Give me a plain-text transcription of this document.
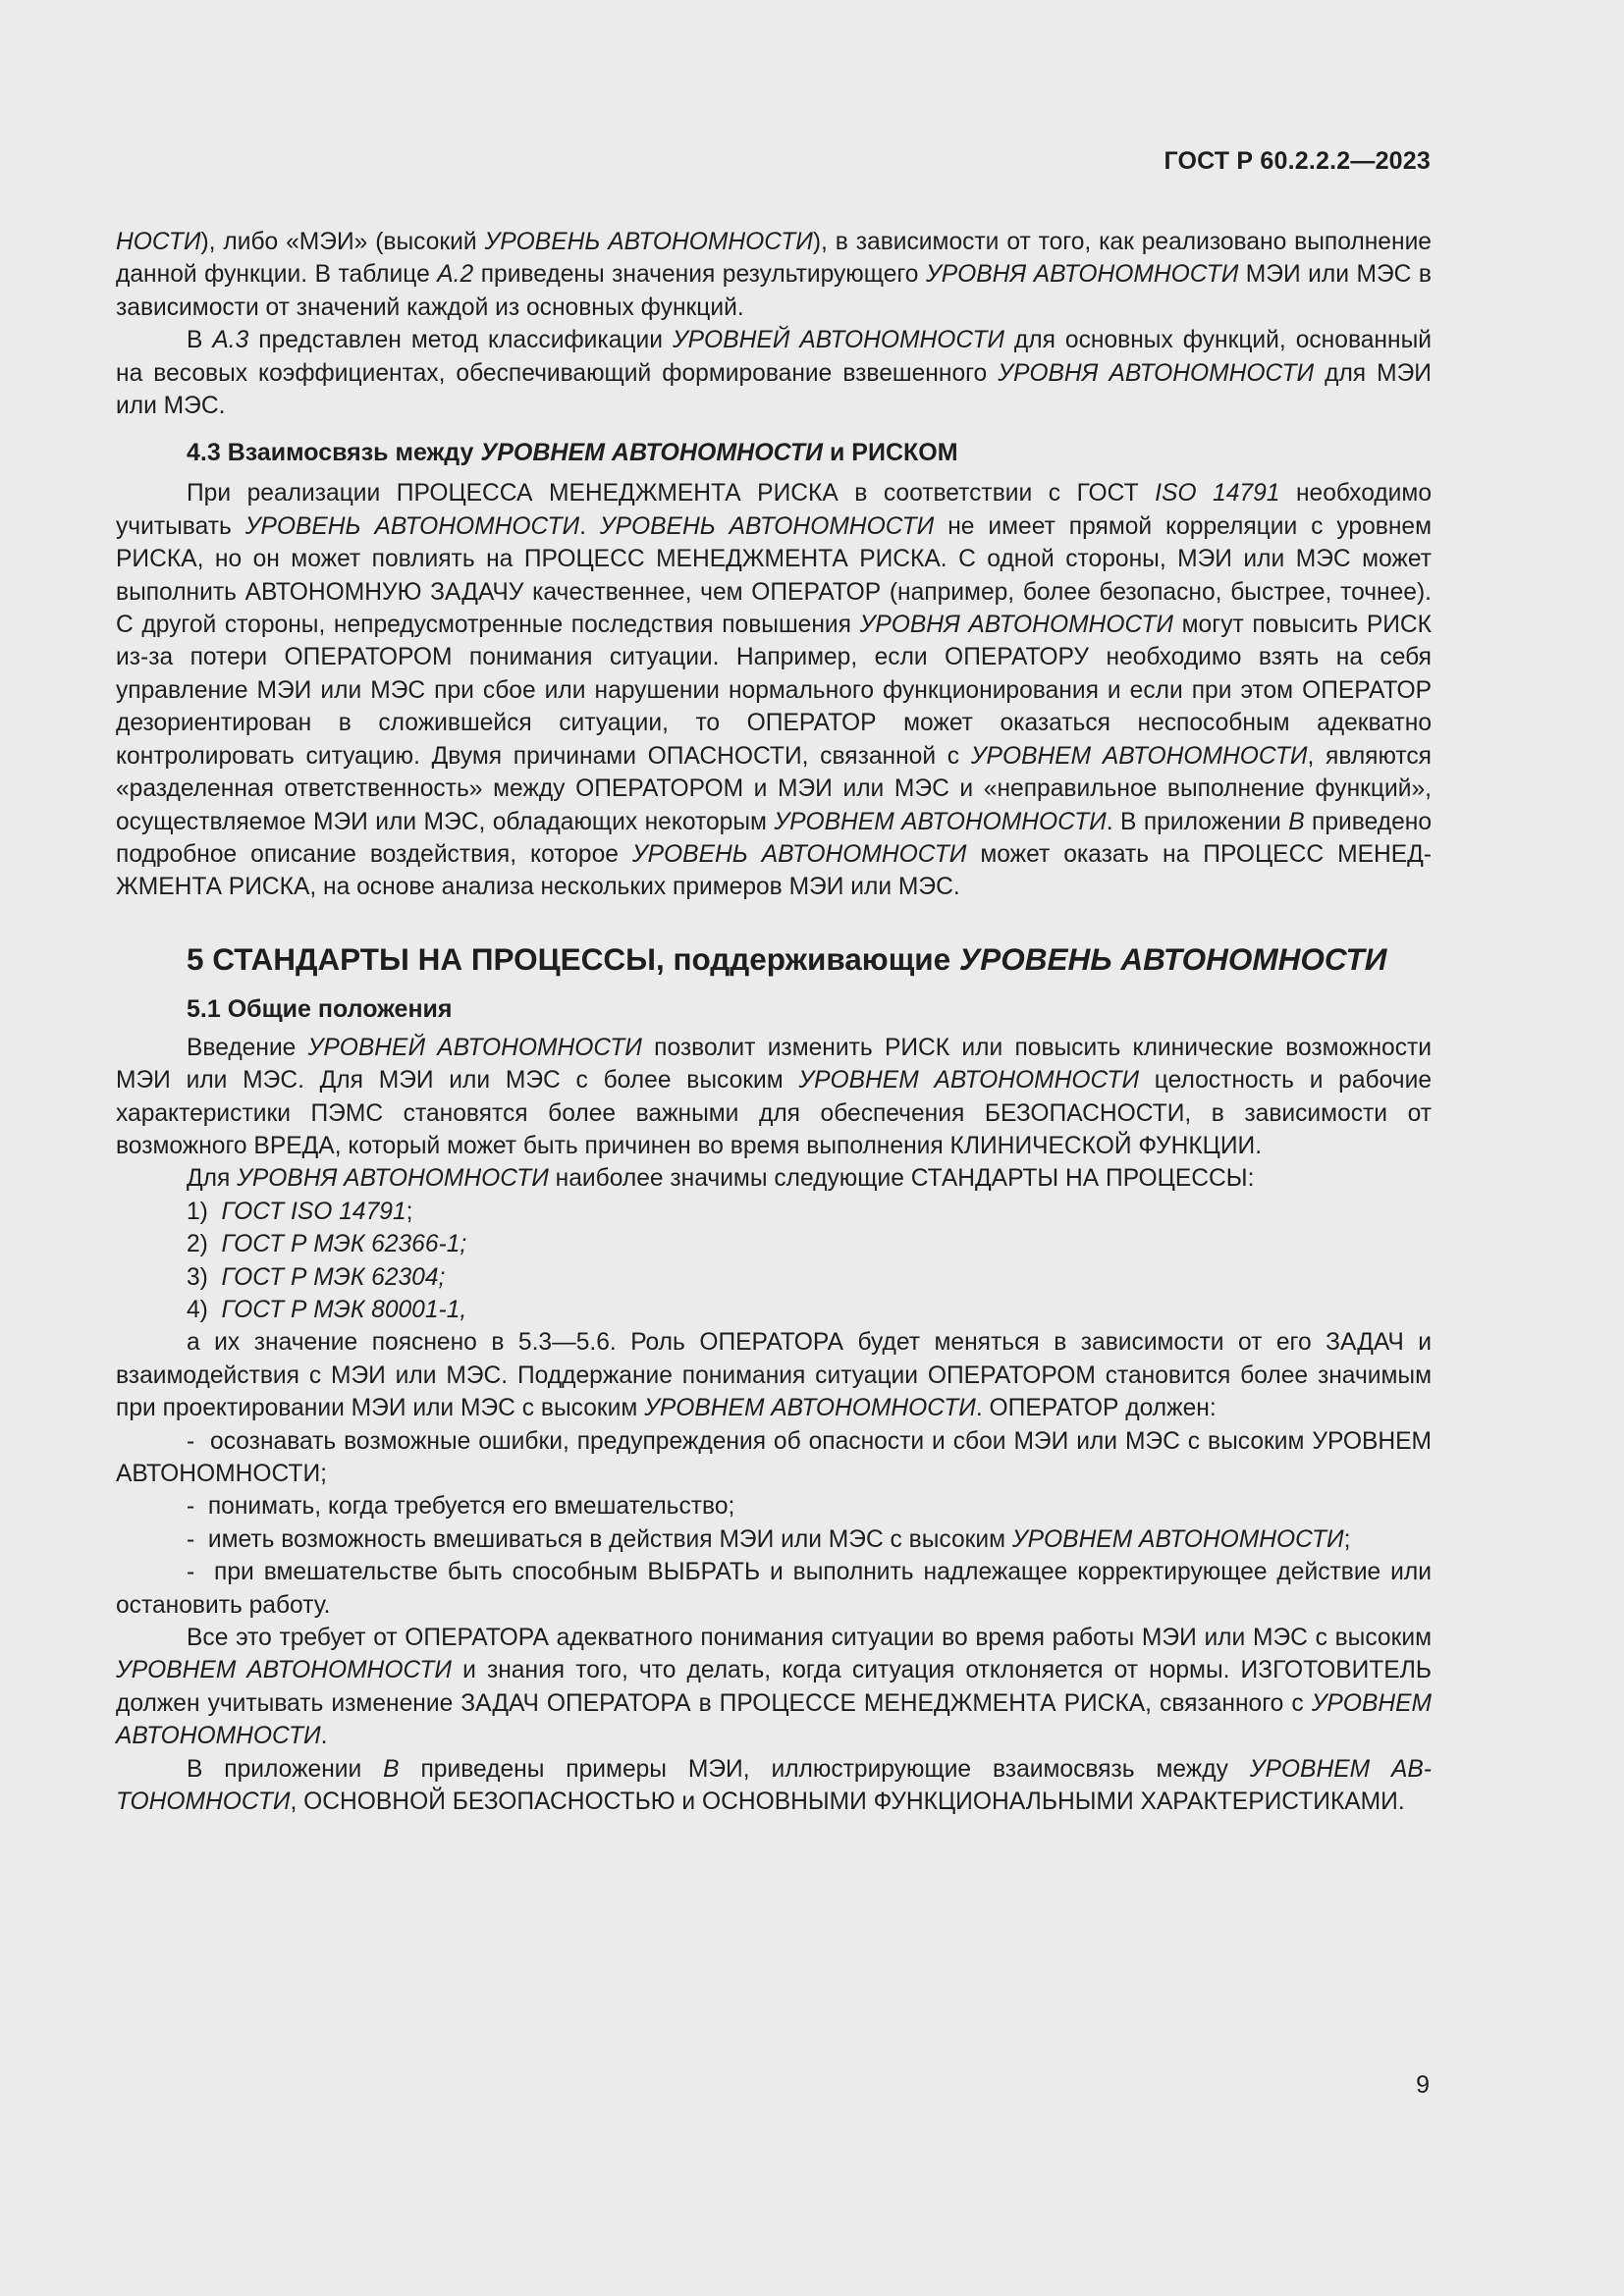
ГОСТ Р 60.2.2.2—2023

НОСТИ), либо «МЭИ» (высокий УРОВЕНЬ АВТОНОМНОСТИ), в зависимости от того, как реализовано выполнение данной функции. В таблице А.2 приведены значения результирующего УРОВНЯ АВТОНОМНОСТИ МЭИ или МЭС в зависимости от значений каждой из основных функций.

В А.3 представлен метод классификации УРОВНЕЙ АВТОНОМНОСТИ для основных функций, основанный на весовых коэффициентах, обеспечивающий формирование взвешенного УРОВНЯ АВТОНОМНОСТИ для МЭИ или МЭС.

4.3 Взаимосвязь между УРОВНЕМ АВТОНОМНОСТИ и РИСКОМ

При реализации ПРОЦЕССА МЕНЕДЖМЕНТА РИСКА в соответствии с ГОСТ ISO 14791 необходимо учитывать УРОВЕНЬ АВТОНОМНОСТИ. УРОВЕНЬ АВТОНОМНОСТИ не имеет прямой корреляции с уровнем РИСКА, но он может повлиять на ПРОЦЕСС МЕНЕДЖМЕНТА РИСКА. С одной стороны, МЭИ или МЭС может выполнить АВТОНОМНУЮ ЗАДАЧУ качественнее, чем ОПЕРАТОР (например, более безопасно, быстрее, точнее). С другой стороны, непредусмотренные последствия повышения УРОВНЯ АВТОНОМНОСТИ могут повысить РИСК из-за потери ОПЕРАТОРОМ понимания ситуации. Например, если ОПЕРАТОРУ необходимо взять на себя управление МЭИ или МЭС при сбое или нарушении нормального функционирования и если при этом ОПЕРАТОР дезориентирован в сложившейся ситуации, то ОПЕРАТОР может оказаться неспособным адекватно контролировать ситуацию. Двумя причинами ОПАСНОСТИ, связанной с УРОВНЕМ АВТОНОМНОСТИ, являются «разделенная ответственность» между ОПЕРАТОРОМ и МЭИ или МЭС и «неправильное выполнение функций», осуществляемое МЭИ или МЭС, обладающих некоторым УРОВНЕМ АВТОНОМНОСТИ. В приложении В приведено подробное описание воздействия, которое УРОВЕНЬ АВТОНОМНОСТИ может оказать на ПРОЦЕСС МЕНЕДЖМЕНТА РИСКА, на основе анализа нескольких примеров МЭИ или МЭС.

5 СТАНДАРТЫ НА ПРОЦЕССЫ, поддерживающие УРОВЕНЬ АВТОНОМНОСТИ

5.1 Общие положения

Введение УРОВНЕЙ АВТОНОМНОСТИ позволит изменить РИСК или повысить клинические возможности МЭИ или МЭС. Для МЭИ или МЭС с более высоким УРОВНЕМ АВТОНОМНОСТИ целостность и рабочие характеристики ПЭМС становятся более важными для обеспечения БЕЗОПАСНОСТИ, в зависимости от возможного ВРЕДА, который может быть причинен во время выполнения КЛИНИЧЕСКОЙ ФУНКЦИИ.

Для УРОВНЯ АВТОНОМНОСТИ наиболее значимы следующие СТАНДАРТЫ НА ПРОЦЕССЫ:

1)  ГОСТ ISO 14791;

2)  ГОСТ Р МЭК 62366-1;

3)  ГОСТ Р МЭК 62304;

4)  ГОСТ Р МЭК 80001-1,

а их значение пояснено в 5.3—5.6. Роль ОПЕРАТОРА будет меняться в зависимости от его ЗАДАЧ и взаимодействия с МЭИ или МЭС. Поддержание понимания ситуации ОПЕРАТОРОМ становится более значимым при проектировании МЭИ или МЭС с высоким УРОВНЕМ АВТОНОМНОСТИ. ОПЕРАТОР должен:

-  осознавать возможные ошибки, предупреждения об опасности и сбои МЭИ или МЭС с высоким УРОВНЕМ АВТОНОМНОСТИ;

-  понимать, когда требуется его вмешательство;

-  иметь возможность вмешиваться в действия МЭИ или МЭС с высоким УРОВНЕМ АВТОНОМНОСТИ;

-  при вмешательстве быть способным ВЫБРАТЬ и выполнить надлежащее корректирующее действие или остановить работу.

Все это требует от ОПЕРАТОРА адекватного понимания ситуации во время работы МЭИ или МЭС с высоким УРОВНЕМ АВТОНОМНОСТИ и знания того, что делать, когда ситуация отклоняется от нормы. ИЗГОТОВИТЕЛЬ должен учитывать изменение ЗАДАЧ ОПЕРАТОРА в ПРОЦЕССЕ МЕНЕДЖМЕНТА РИСКА, связанного с УРОВНЕМ АВТОНОМНОСТИ.

В приложении В приведены примеры МЭИ, иллюстрирующие взаимосвязь между УРОВНЕМ АВТОНОМНОСТИ, ОСНОВНОЙ БЕЗОПАСНОСТЬЮ и ОСНОВНЫМИ ФУНКЦИОНАЛЬНЫМИ ХАРАКТЕРИСТИКАМИ.

9
